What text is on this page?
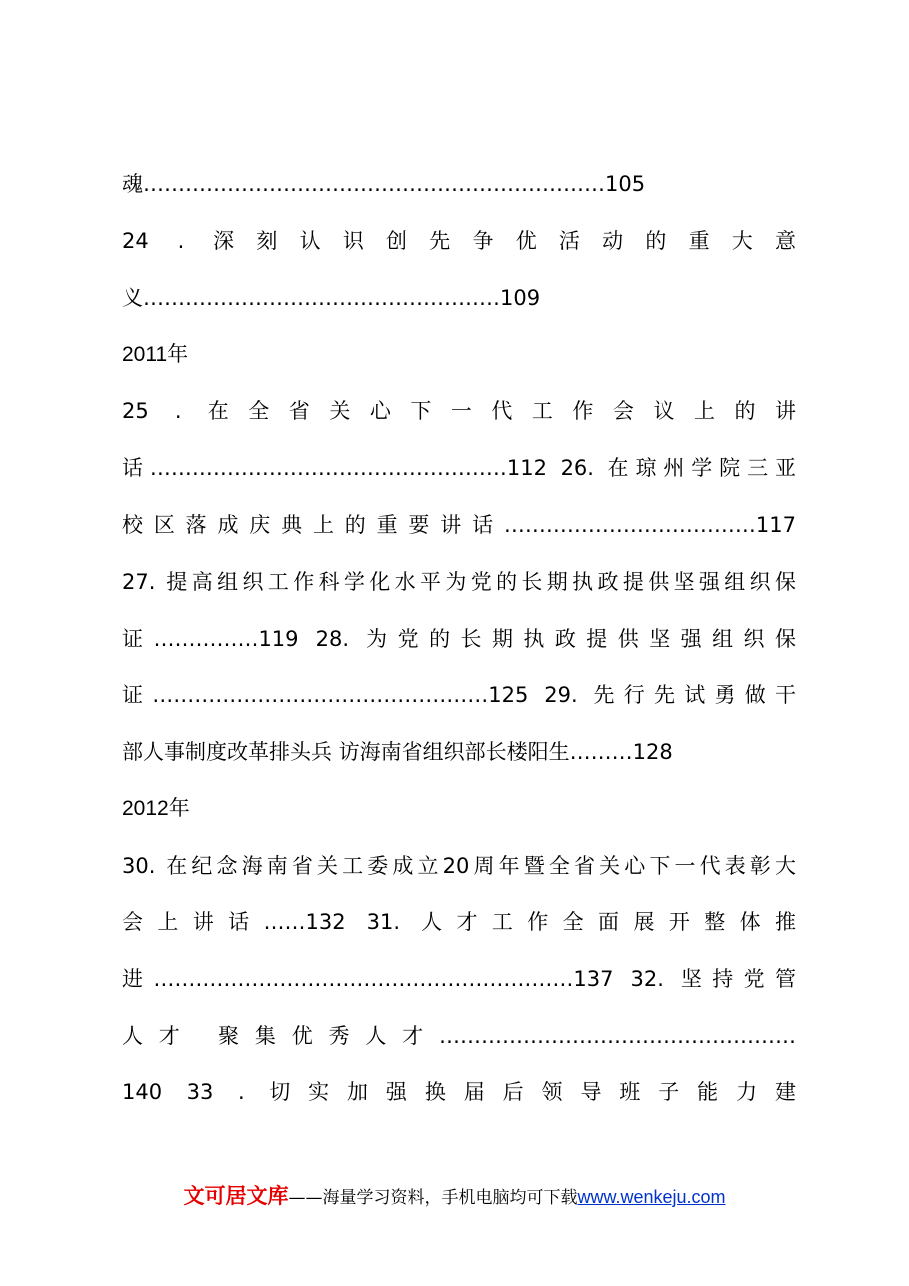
魂…………………………………………………………105
24 . 深刻认识创先争优活动的重大意
义……………………………………………109
2011年
25 . 在全省关心下一代工作会议上的讲
话……………………………………………112 26. 在琼州学院三亚
校区落成庆典上的重要讲话………………………………117
27. 提高组织工作科学化水平为党的长期执政提供坚强组织保
证……………119 28. 为党的长期执政提供坚强组织保
证…………………………………………125 29. 先行先试勇做干
部人事制度改革排头兵 访海南省组织部长楼阳生………128
2012年
30. 在纪念海南省关工委成立20周年暨全省关心下一代表彰大
会上讲话……132 31. 人才工作全面展开整体推
进……………………………………………………137 32. 坚持党管
人才 聚集优秀人才……………………………………………
140 33 . 切实加强换届后领导班子能力建
文可居文库——海量学习资料，手机电脑均可下载www.wenkeju.com
